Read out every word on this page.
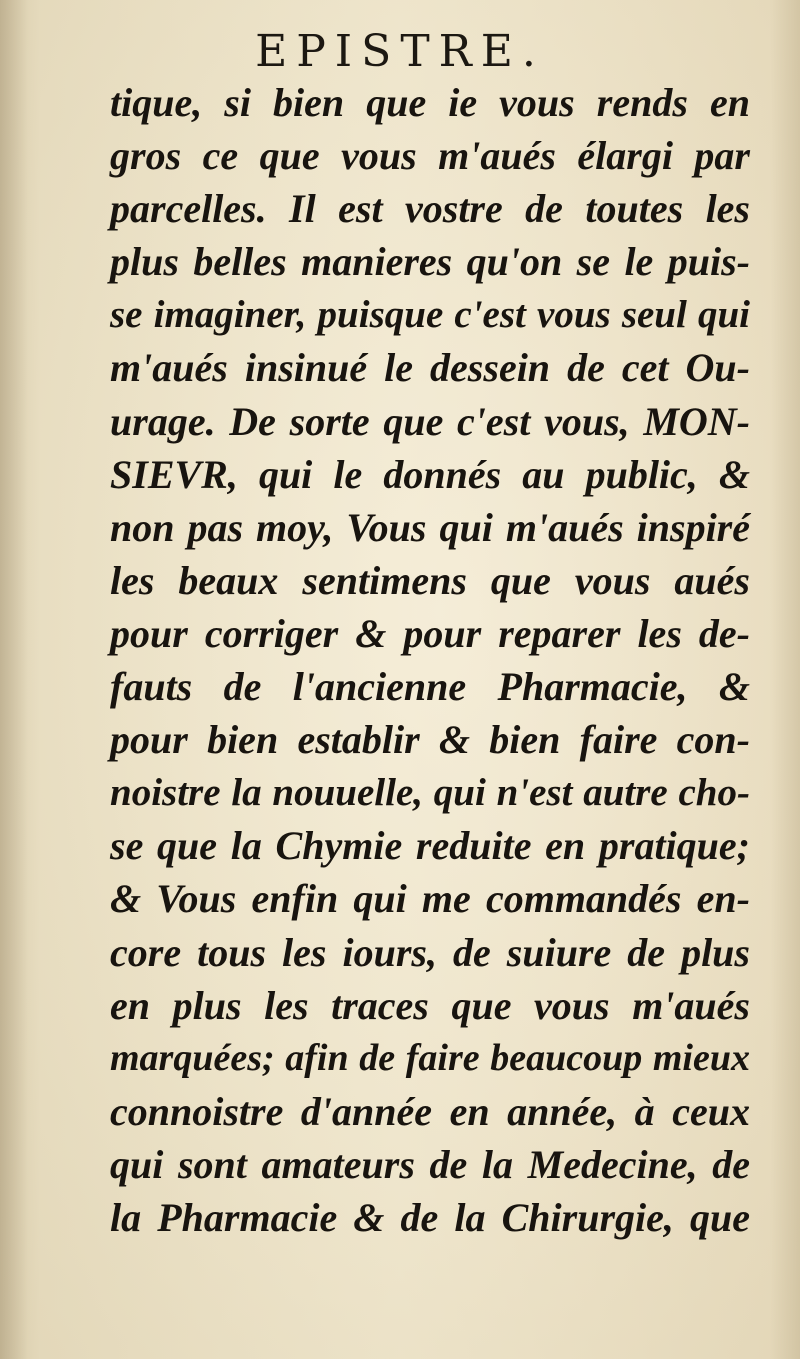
EPISTRE.
tique, si bien que ie vous rends en
gros ce que vous m'aués élargi par
parcelles. Il est vostre de toutes les
plus belles manieres qu'on se le puis-
se imaginer, puisque c'est vous seul qui
m'aués insinué le dessein de cet Ou-
urage. De sorte que c'est vous, MON-
SIEVR, qui le donnés au public, &
non pas moy, Vous qui m'aués inspiré
les beaux sentimens que vous aués
pour corriger & pour reparer les de-
fauts de l'ancienne Pharmacie, &
pour bien establir & bien faire con-
noistre la nouuelle, qui n'est autre cho-
se que la Chymie reduite en pratique;
& Vous enfin qui me commandés en-
core tous les iours, de suiure de plus
en plus les traces que vous m'aués
marquées; afin de faire beaucoup mieux
connoistre d'année en année, à ceux
qui sont amateurs de la Medecine, de
la Pharmacie & de la Chirurgie, que
